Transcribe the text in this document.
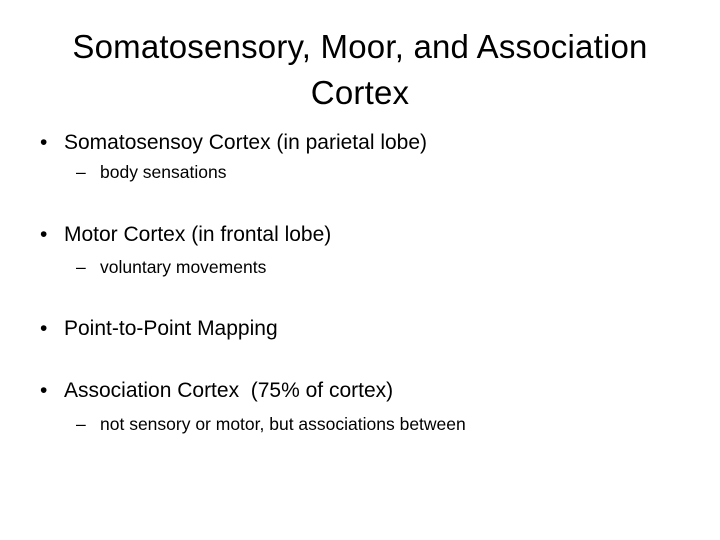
Somatosensory, Moor, and Association
Cortex
• Somatosensoy Cortex (in parietal lobe)
– body sensations
• Motor Cortex (in frontal lobe)
– voluntary movements
• Point-to-Point Mapping
• Association Cortex  (75% of cortex)
– not sensory or motor, but associations between
